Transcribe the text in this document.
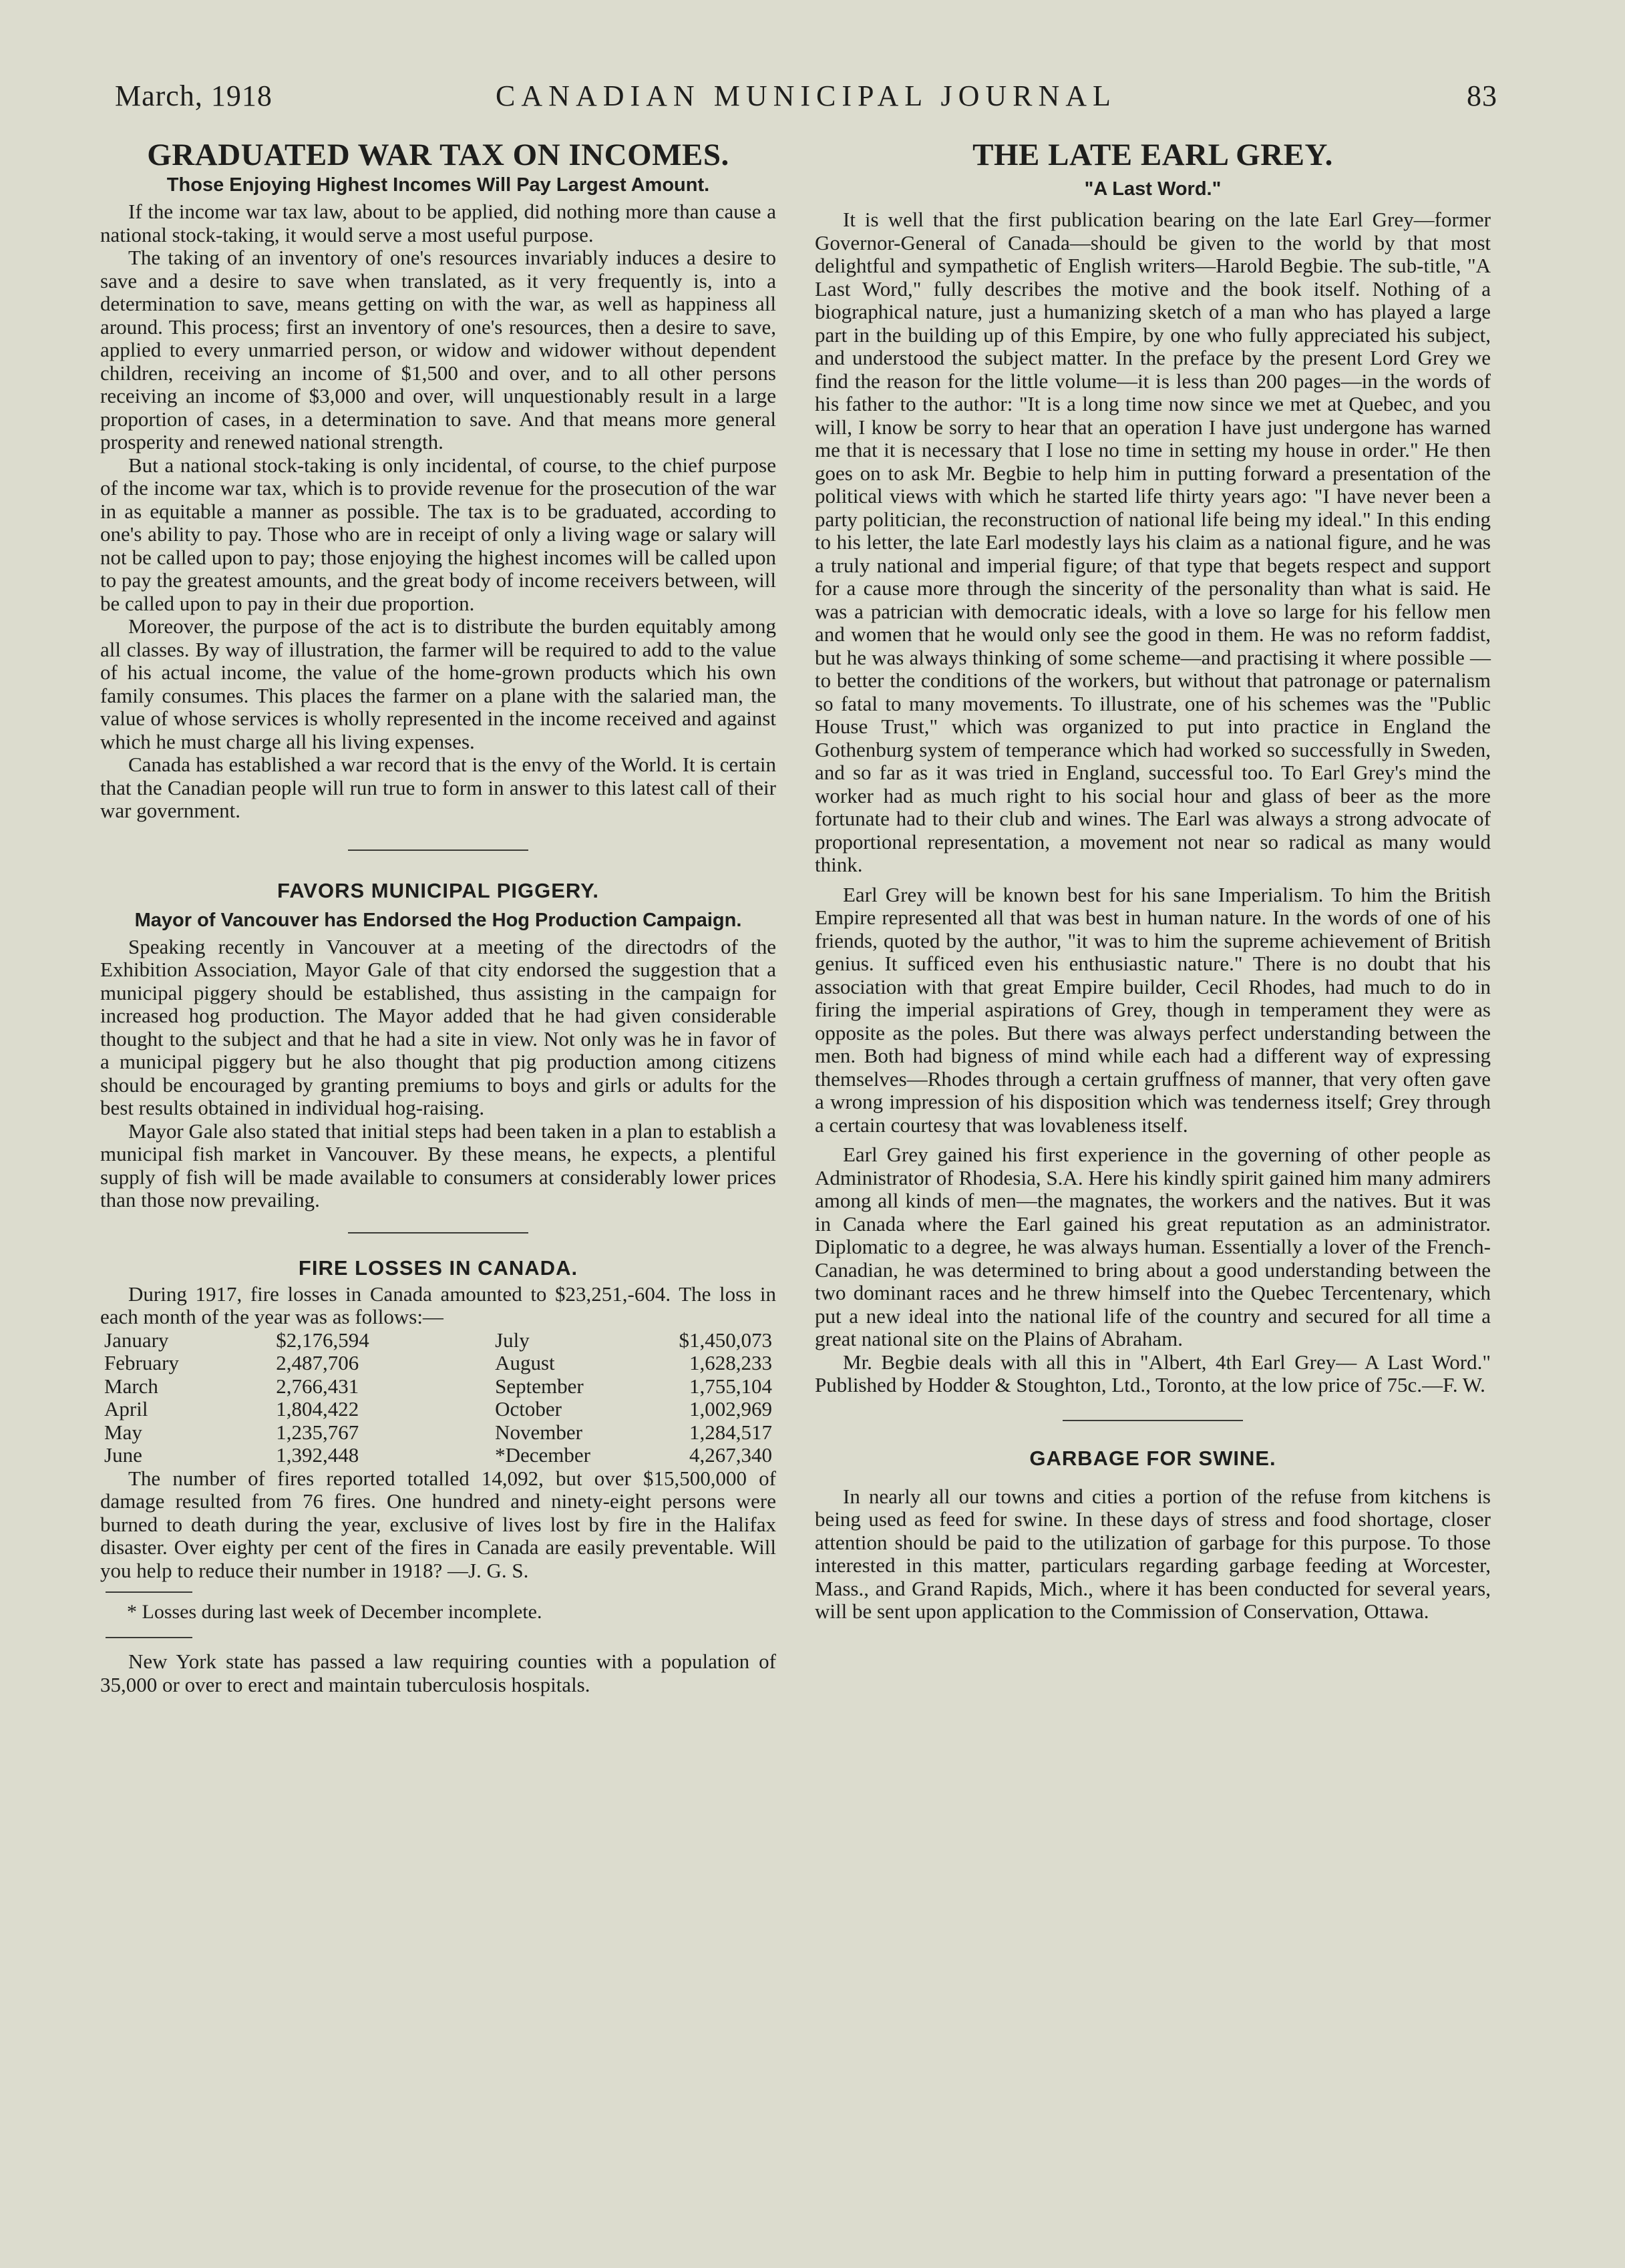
March, 1918	CANADIAN MUNICIPAL JOURNAL	83
GRADUATED WAR TAX ON INCOMES.
Those Enjoying Highest Incomes Will Pay Largest Amount.

If the income war tax law, about to be applied, did nothing more than cause a national stock-taking, it would serve a most useful purpose.

The taking of an inventory of one's resources invariably induces a desire to save and a desire to save when translated, as it very frequently is, into a determination to save, means getting on with the war, as well as happiness all around. This process; first an inventory of one's resources, then a desire to save, applied to every unmarried person, or widow and widower without dependent children, receiving an income of $1,500 and over, and to all other persons receiving an income of $3,000 and over, will unquestionably result in a large proportion of cases, in a determination to save. And that means more general prosperity and renewed national strength.

But a national stock-taking is only incidental, of course, to the chief purpose of the income war tax, which is to provide revenue for the prosecution of the war in as equitable a manner as possible. The tax is to be graduated, according to one's ability to pay. Those who are in receipt of only a living wage or salary will not be called upon to pay; those enjoying the highest incomes will be called upon to pay the greatest amounts, and the great body of income receivers between, will be called upon to pay in their due proportion.

Moreover, the purpose of the act is to distribute the burden equitably among all classes. By way of illustration, the farmer will be required to add to the value of his actual income, the value of the home-grown products which his own family consumes. This places the farmer on a plane with the salaried man, the value of whose services is wholly represented in the income received and against which he must charge all his living expenses.

Canada has established a war record that is the envy of the World. It is certain that the Canadian people will run true to form in answer to this latest call of their war government.

FAVORS MUNICIPAL PIGGERY.
Mayor of Vancouver has Endorsed the Hog Production Campaign.

Speaking recently in Vancouver at a meeting of the directodrs of the Exhibition Association, Mayor Gale of that city endorsed the suggestion that a municipal piggery should be established, thus assisting in the campaign for increased hog production. The Mayor added that he had given considerable thought to the subject and that he had a site in view. Not only was he in favor of a municipal piggery but he also thought that pig production among citizens should be encouraged by granting premiums to boys and girls or adults for the best results obtained in individual hog-raising.

Mayor Gale also stated that initial steps had been taken in a plan to establish a municipal fish market in Vancouver. By these means, he expects, a plentiful supply of fish will be made available to consumers at considerably lower prices than those now prevailing.

FIRE LOSSES IN CANADA.

During 1917, fire losses in Canada amounted to $23,251,-604. The loss in each month of the year was as follows:—

January	$2,176,594	July	$1,450,073
February	2,487,706	August	1,628,233
March	2,766,431	September	1,755,104
April	1,804,422	October	1,002,969
May	1,235,767	November	1,284,517
June	1,392,448	*December	4,267,340

The number of fires reported totalled 14,092, but over $15,500,000 of damage resulted from 76 fires. One hundred and ninety-eight persons were burned to death during the year, exclusive of lives lost by fire in the Halifax disaster. Over eighty per cent of the fires in Canada are easily preventable. Will you help to reduce their number in 1918? —J. G. S.

* Losses during last week of December incomplete.

New York state has passed a law requiring counties with a population of 35,000 or over to erect and maintain tuberculosis hospitals.

THE LATE EARL GREY.
"A Last Word."

It is well that the first publication bearing on the late Earl Grey—former Governor-General of Canada—should be given to the world by that most delightful and sympathetic of English writers—Harold Begbie. The sub-title, "A Last Word," fully describes the motive and the book itself. Nothing of a biographical nature, just a humanizing sketch of a man who has played a large part in the building up of this Empire, by one who fully appreciated his subject, and understood the subject matter. In the preface by the present Lord Grey we find the reason for the little volume—it is less than 200 pages—in the words of his father to the author: "It is a long time now since we met at Quebec, and you will, I know be sorry to hear that an operation I have just undergone has warned me that it is necessary that I lose no time in setting my house in order." He then goes on to ask Mr. Begbie to help him in putting forward a presentation of the political views with which he started life thirty years ago: "I have never been a party politician, the reconstruction of national life being my ideal." In this ending to his letter, the late Earl modestly lays his claim as a national figure, and he was a truly national and imperial figure; of that type that begets respect and support for a cause more through the sincerity of the personality than what is said. He was a patrician with democratic ideals, with a love so large for his fellow men and women that he would only see the good in them. He was no reform faddist, but he was always thinking of some scheme—and practising it where possible —to better the conditions of the workers, but without that patronage or paternalism so fatal to many movements. To illustrate, one of his schemes was the "Public House Trust," which was organized to put into practice in England the Gothenburg system of temperance which had worked so successfully in Sweden, and so far as it was tried in England, successful too. To Earl Grey's mind the worker had as much right to his social hour and glass of beer as the more fortunate had to their club and wines. The Earl was always a strong advocate of proportional representation, a movement not near so radical as many would think.

Earl Grey will be known best for his sane Imperialism. To him the British Empire represented all that was best in human nature. In the words of one of his friends, quoted by the author, "it was to him the supreme achievement of British genius. It sufficed even his enthusiastic nature." There is no doubt that his association with that great Empire builder, Cecil Rhodes, had much to do in firing the imperial aspirations of Grey, though in temperament they were as opposite as the poles. But there was always perfect understanding between the men. Both had bigness of mind while each had a different way of expressing themselves—Rhodes through a certain gruffness of manner, that very often gave a wrong impression of his disposition which was tenderness itself; Grey through a certain courtesy that was lovableness itself.

Earl Grey gained his first experience in the governing of other people as Administrator of Rhodesia, S.A. Here his kindly spirit gained him many admirers among all kinds of men—the magnates, the workers and the natives. But it was in Canada where the Earl gained his great reputation as an administrator. Diplomatic to a degree, he was always human. Essentially a lover of the French-Canadian, he was determined to bring about a good understanding between the two dominant races and he threw himself into the Quebec Tercentenary, which put a new ideal into the national life of the country and secured for all time a great national site on the Plains of Abraham.

Mr. Begbie deals with all this in "Albert, 4th Earl Grey— A Last Word." Published by Hodder & Stoughton, Ltd., Toronto, at the low price of 75c.—F. W.

GARBAGE FOR SWINE.

In nearly all our towns and cities a portion of the refuse from kitchens is being used as feed for swine. In these days of stress and food shortage, closer attention should be paid to the utilization of garbage for this purpose. To those interested in this matter, particulars regarding garbage feeding at Worcester, Mass., and Grand Rapids, Mich., where it has been conducted for several years, will be sent upon application to the Commission of Conservation, Ottawa.
